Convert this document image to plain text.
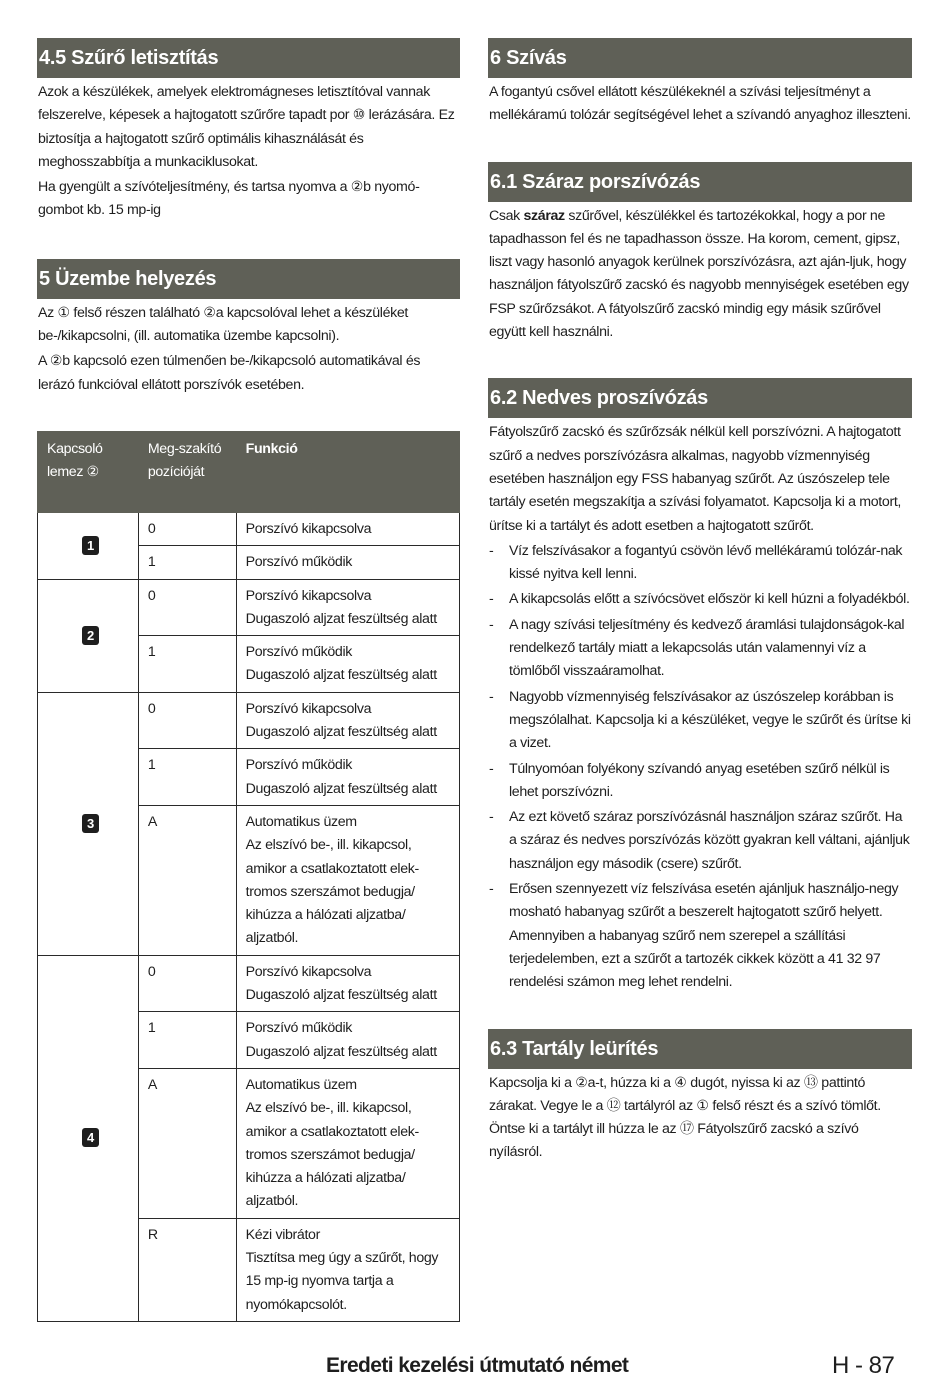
4.5 Szűrő letisztítás

Azok a készülékek, amelyek elektromágneses letisztítóval vannak felszerelve, képesek a hajtogatott szűrőre tapadt por ⑩ lerázására. Ez biztosítja a hajtogatott szűrő optimális kihasználását és meghosszabbítja a munkaciklusokat.

Ha gyengült a szívóteljesítmény, és tartsa nyomva a ②b nyomó-gombot kb. 15 mp-ig

5 Üzembe helyezés

Az ① felső részen található ②a kapcsolóval lehet a készüléket be-/kikapcsolni, (ill. automatika üzembe kapcsolni).

A ②b kapcsoló ezen túlmenően be-/kikapcsoló automatikával és lerázó funkcióval ellátott porszívók esetében.

Kapcsoló lemez ②	Meg-szakító pozícióját	Funkció
1	0	Porszívó kikapcsolva

	1	Porszívó működik

2	0	Porszívó kikapcsolva
Dugaszoló aljzat feszültség alatt

	1	Porszívó működik
Dugaszoló aljzat feszültség alatt

3	0	Porszívó kikapcsolva
Dugaszoló aljzat feszültség alatt

	1	Porszívó működik
Dugaszoló aljzat feszültség alatt

	A	Automatikus üzem
Az elszívó be-, ill. kikapcsol, amikor a csatlakoztatott elek-tromos szerszámot bedugja/ kihúzza a hálózati aljzatba/ aljzatból.

4	0	Porszívó kikapcsolva
Dugaszoló aljzat feszültség alatt

	1	Porszívó működik
Dugaszoló aljzat feszültség alatt

	A	Automatikus üzem
Az elszívó be-, ill. kikapcsol, amikor a csatlakoztatott elek-tromos szerszámot bedugja/ kihúzza a hálózati aljzatba/ aljzatból.

	R	Kézi vibrátor
Tisztítsa meg úgy a szűrőt, hogy 15 mp-ig nyomva tartja a nyomókapcsolót.
6 Szívás

A fogantyú csővel ellátott készülékeknél a szívási teljesítményt a mellékáramú tolózár segítségével lehet a szívandó anyaghoz illeszteni.

6.1 Száraz porszívózás

Csak száraz szűrővel, készülékkel és tartozékokkal, hogy a por ne tapadhasson fel és ne tapadhasson össze. Ha korom, cement, gipsz, liszt vagy hasonló anyagok kerülnek porszívózásra, azt aján-ljuk, hogy használjon fátyolszűrő zacskó és nagyobb mennyiségek esetében egy FSP szűrőzsákot. A fátyolszűrő zacskó mindig egy másik szűrővel együtt kell használni.

6.2 Nedves proszívózás

Fátyolszűrő zacskó és szűrőzsák nélkül kell porszívózni. A hajtogatott szűrő a nedves porszívózásra alkalmas, nagyobb vízmennyiség esetében használjon egy FSS habanyag szűrőt. Az úszószelep tele tartály esetén megszakítja a szívási folyamatot. Kapcsolja ki a motort, ürítse ki a tartályt és adott esetben a hajtogatott szűrőt.

- Víz felszívásakor a fogantyú csövön lévő mellékáramú tolózár-nak kissé nyitva kell lenni.
- A kikapcsolás előtt a szívócsövet először ki kell húzni a folyadékból.
- A nagy szívási teljesítmény és kedvező áramlási tulajdonságok-kal rendelkező tartály miatt a lekapcsolás után valamennyi víz a tömlőből visszaáramolhat.
- Nagyobb vízmennyiség felszívásakor az úszószelep korábban is megszólalhat. Kapcsolja ki a készüléket, vegye le szűrőt és ürítse ki a vizet.
- Túlnyomóan folyékony szívandó anyag esetében szűrő nélkül is lehet porszívózni.
- Az ezt követő száraz porszívózásnál használjon száraz szűrőt. Ha a száraz és nedves porszívózás között gyakran kell váltani, ajánljuk használjon egy második (csere) szűrőt.
- Erősen szennyezett víz felszívása esetén ajánljuk használjo-negy mosható habanyag szűrőt a beszerelt hajtogatott szűrő helyett. Amennyiben a habanyag szűrő nem szerepel a szállítási terjedelemben, ezt a szűrőt a tartozék cikkek között a 41 32 97 rendelési számon meg lehet rendelni.
6.3 Tartály leürítés

Kapcsolja ki a ②a-t, húzza ki a ④ dugót, nyissa ki az ⑬ pattintó zárakat. Vegye le a ⑫ tartályról az ① felső részt és a szívó tömlőt. Öntse ki a tartályt ill húzza le az ⑰ Fátyolszűrő zacskó a szívó nyílásról.

Eredeti kezelési útmutató német	H - 87
